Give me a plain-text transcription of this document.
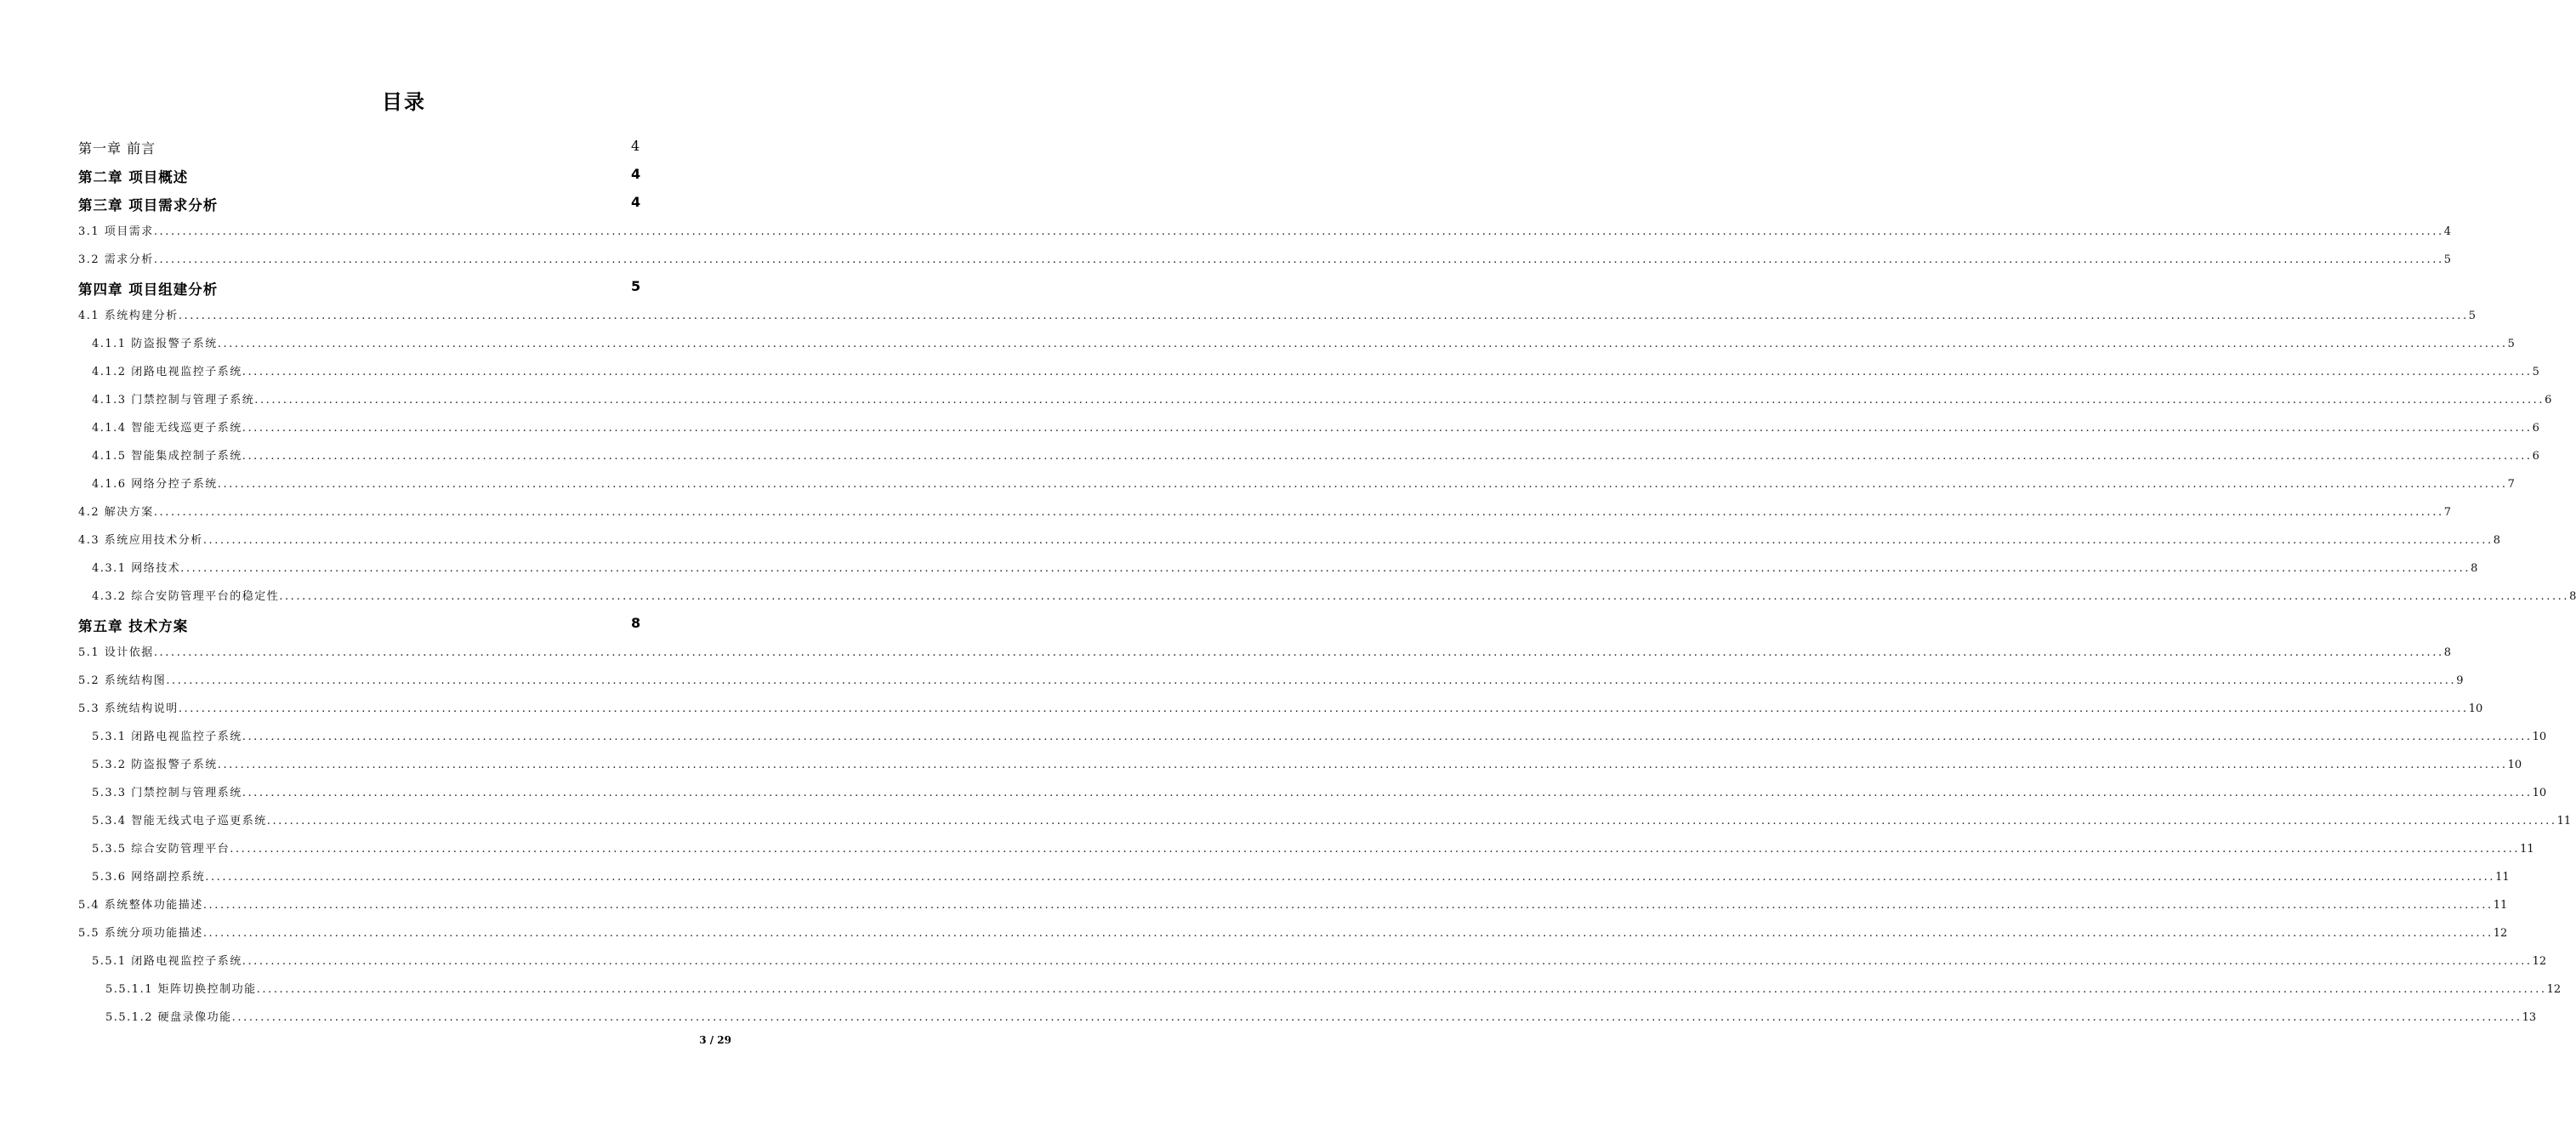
目录
第一章 前言	4
第二章 项目概述	4
第三章 项目需求分析	4
3.1 项目需求 ................................................................................................................................................................................................................................................................................................................................................................................................................ 4
3.2 需求分析 ................................................................................................................................................................................................................................................................................................................................................................................................................ 5
第四章 项目组建分析	5
4.1 系统构建分析 ................................................................................................................................................................................................................................................................................................................................................................................................................ 5
4.1.1 防盗报警子系统 ................................................................................................................................................................................................................................................................................................................................................................................................................ 5
4.1.2 闭路电视监控子系统 ................................................................................................................................................................................................................................................................................................................................................................................................................ 5
4.1.3 门禁控制与管理子系统 ................................................................................................................................................................................................................................................................................................................................................................................................................ 6
4.1.4 智能无线巡更子系统 ................................................................................................................................................................................................................................................................................................................................................................................................................ 6
4.1.5 智能集成控制子系统 ................................................................................................................................................................................................................................................................................................................................................................................................................ 6
4.1.6 网络分控子系统 ................................................................................................................................................................................................................................................................................................................................................................................................................ 7
4.2 解决方案 ................................................................................................................................................................................................................................................................................................................................................................................................................ 7
4.3 系统应用技术分析 ................................................................................................................................................................................................................................................................................................................................................................................................................ 8
4.3.1 网络技术 ................................................................................................................................................................................................................................................................................................................................................................................................................ 8
4.3.2 综合安防管理平台的稳定性 ................................................................................................................................................................................................................................................................................................................................................................................................................ 8
第五章 技术方案	8
5.1 设计依据 ................................................................................................................................................................................................................................................................................................................................................................................................................ 8
5.2 系统结构图 ................................................................................................................................................................................................................................................................................................................................................................................................................ 9
5.3 系统结构说明 ................................................................................................................................................................................................................................................................................................................................................................................................................ 10
5.3.1 闭路电视监控子系统 ................................................................................................................................................................................................................................................................................................................................................................................................................ 10
5.3.2 防盗报警子系统 ................................................................................................................................................................................................................................................................................................................................................................................................................ 10
5.3.3 门禁控制与管理系统 ................................................................................................................................................................................................................................................................................................................................................................................................................ 10
5.3.4 智能无线式电子巡更系统 ................................................................................................................................................................................................................................................................................................................................................................................................................ 11
5.3.5 综合安防管理平台 ................................................................................................................................................................................................................................................................................................................................................................................................................ 11
5.3.6 网络副控系统 ................................................................................................................................................................................................................................................................................................................................................................................................................ 11
5.4 系统整体功能描述 ................................................................................................................................................................................................................................................................................................................................................................................................................ 11
5.5 系统分项功能描述 ................................................................................................................................................................................................................................................................................................................................................................................................................ 12
5.5.1 闭路电视监控子系统 ................................................................................................................................................................................................................................................................................................................................................................................................................ 12
5.5.1.1 矩阵切换控制功能 ................................................................................................................................................................................................................................................................................................................................................................................................................ 12
5.5.1.2 硬盘录像功能 ................................................................................................................................................................................................................................................................................................................................................................................................................ 13
3 / 29
